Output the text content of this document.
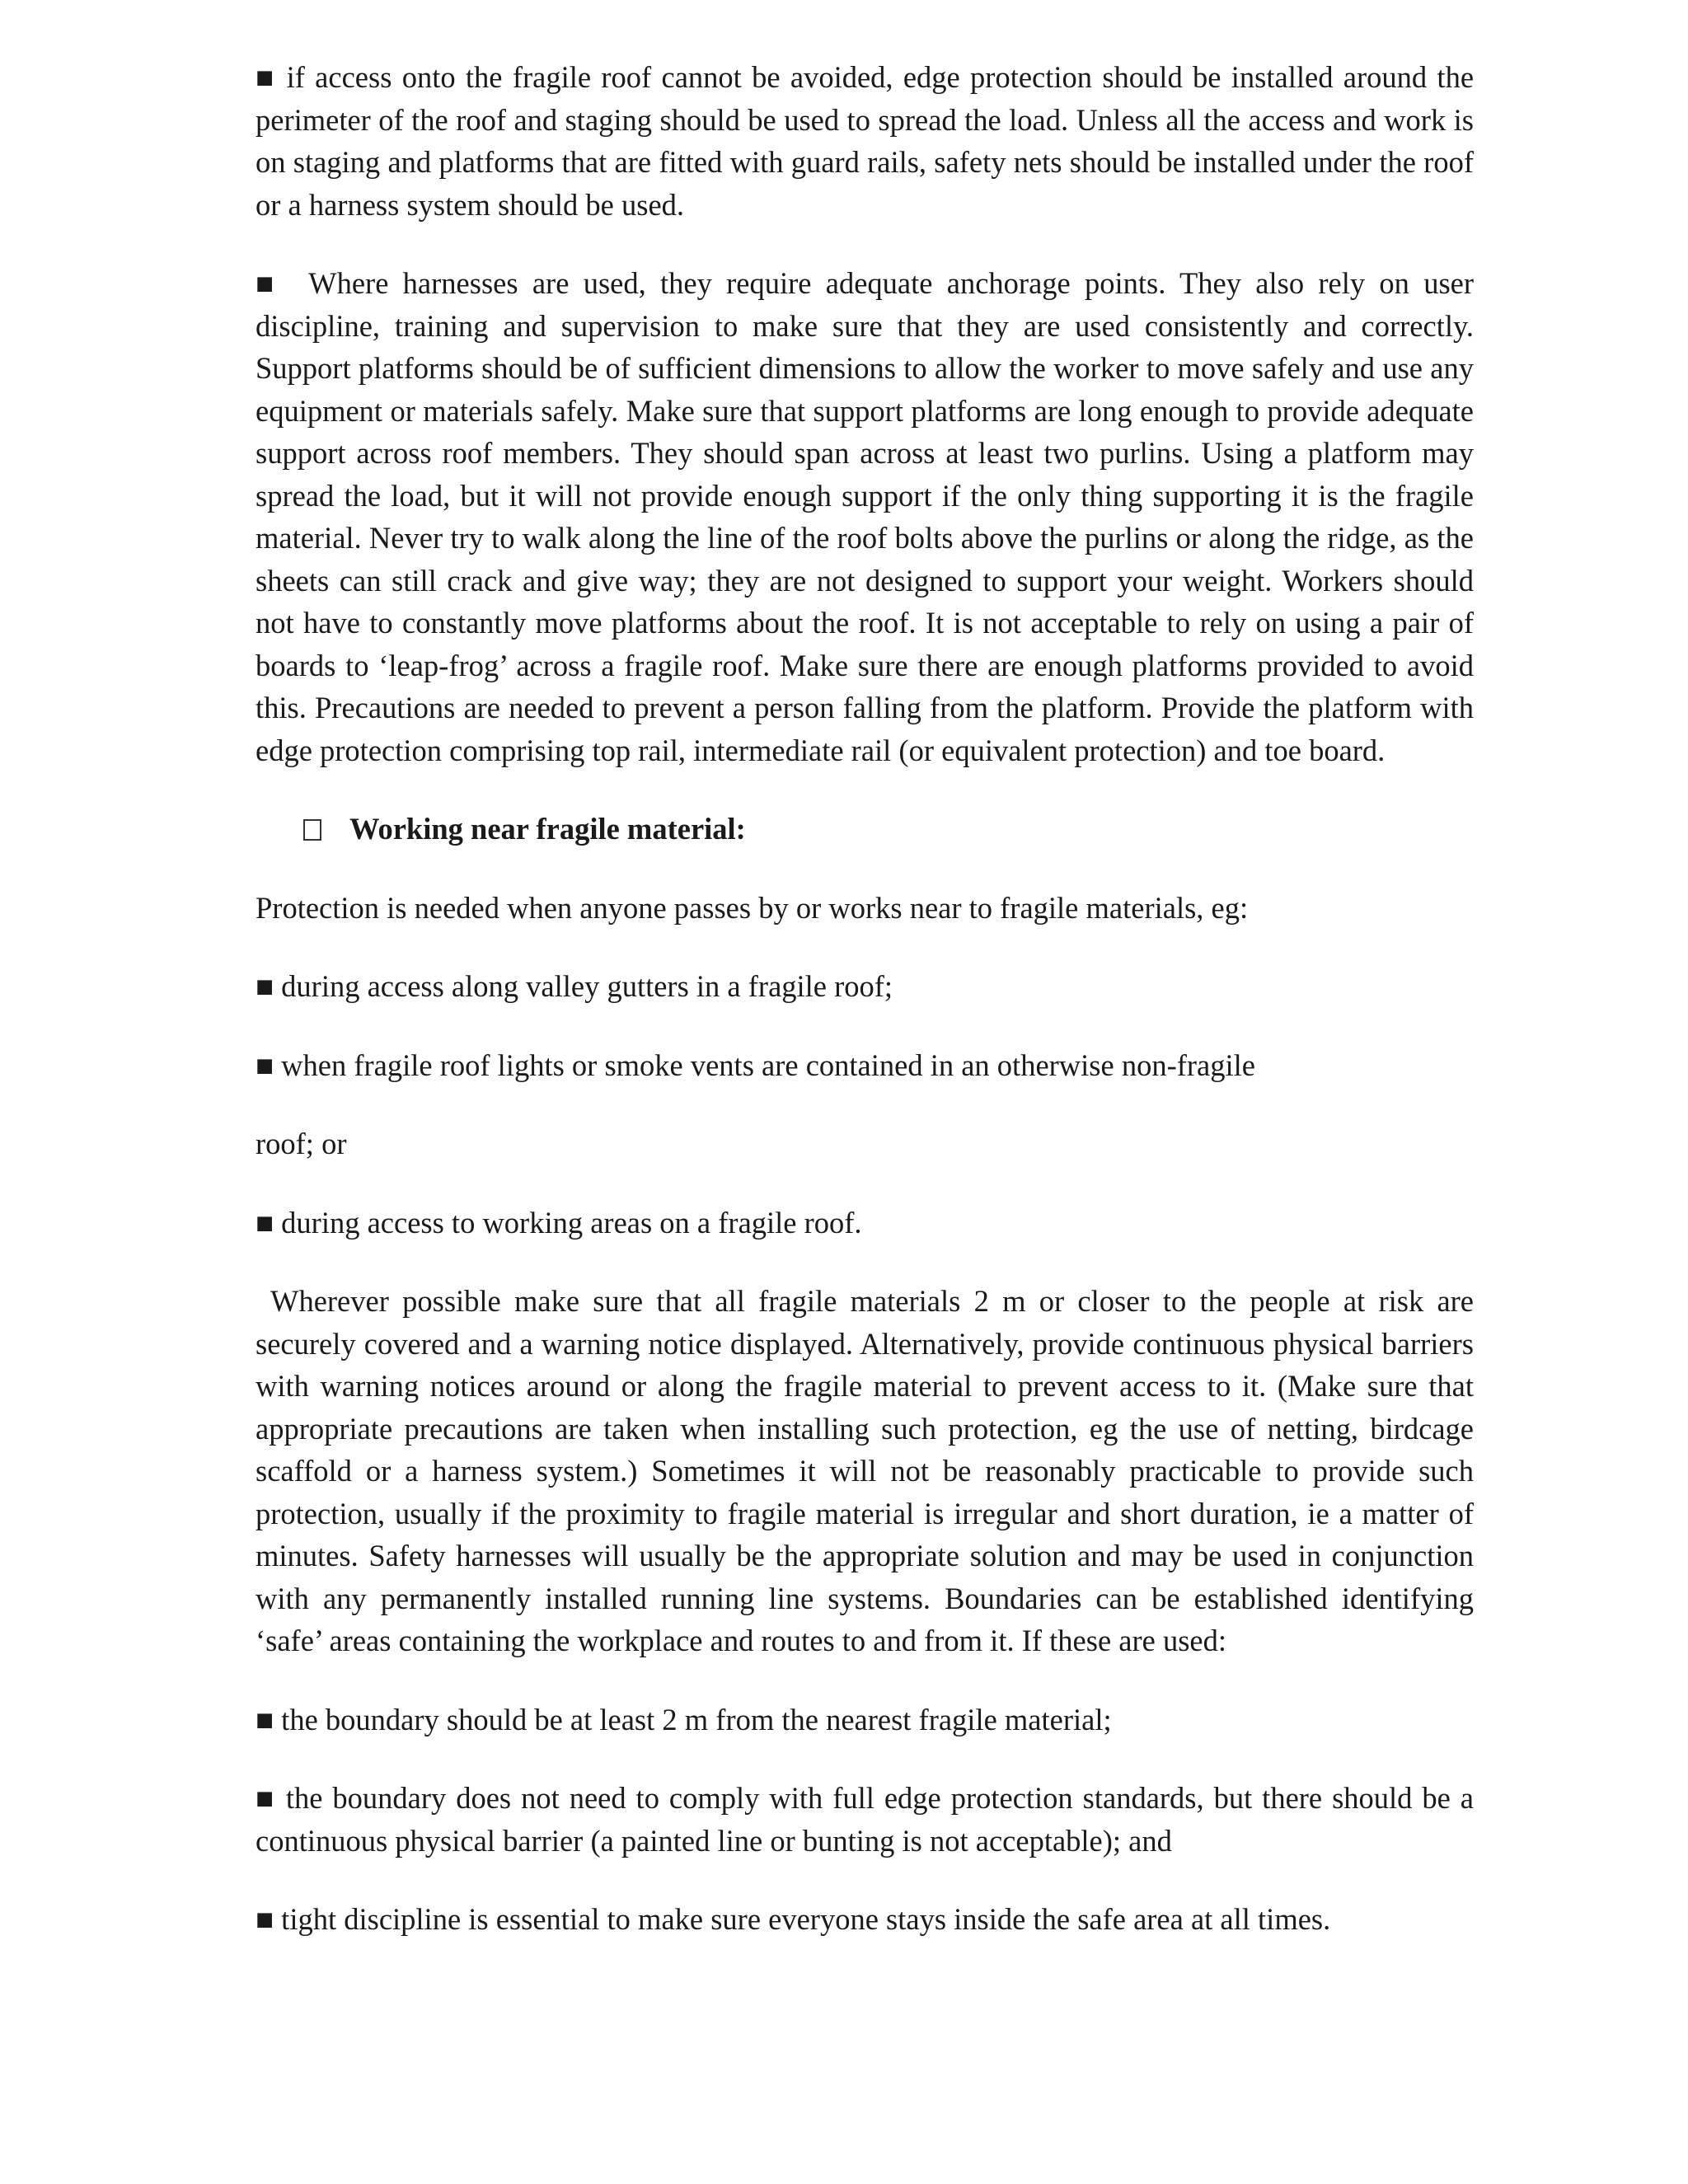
■ if access onto the fragile roof cannot be avoided, edge protection should be installed around the perimeter of the roof and staging should be used to spread the load. Unless all the access and work is on staging and platforms that are fitted with guard rails, safety nets should be installed under the roof or a harness system should be used.

■ Where harnesses are used, they require adequate anchorage points. They also rely on user discipline, training and supervision to make sure that they are used consistently and correctly. Support platforms should be of sufficient dimensions to allow the worker to move safely and use any equipment or materials safely. Make sure that support platforms are long enough to provide adequate support across roof members. They should span across at least two purlins. Using a platform may spread the load, but it will not provide enough support if the only thing supporting it is the fragile material. Never try to walk along the line of the roof bolts above the purlins or along the ridge, as the sheets can still crack and give way; they are not designed to support your weight. Workers should not have to constantly move platforms about the roof. It is not acceptable to rely on using a pair of boards to ‘leap-frog’ across a fragile roof. Make sure there are enough platforms provided to avoid this. Precautions are needed to prevent a person falling from the platform. Provide the platform with edge protection comprising top rail, intermediate rail (or equivalent protection) and toe board.

Working near fragile material:

Protection is needed when anyone passes by or works near to fragile materials, eg:

■ during access along valley gutters in a fragile roof;

■ when fragile roof lights or smoke vents are contained in an otherwise non-fragile

roof; or

■ during access to working areas on a fragile roof.

Wherever possible make sure that all fragile materials 2 m or closer to the people at risk are securely covered and a warning notice displayed. Alternatively, provide continuous physical barriers with warning notices around or along the fragile material to prevent access to it. (Make sure that appropriate precautions are taken when installing such protection, eg the use of netting, birdcage scaffold or a harness system.) Sometimes it will not be reasonably practicable to provide such protection, usually if the proximity to fragile material is irregular and short duration, ie a matter of minutes. Safety harnesses will usually be the appropriate solution and may be used in conjunction with any permanently installed running line systems. Boundaries can be established identifying ‘safe’ areas containing the workplace and routes to and from it. If these are used:

■ the boundary should be at least 2 m from the nearest fragile material;

■ the boundary does not need to comply with full edge protection standards, but there should be a continuous physical barrier (a painted line or bunting is not acceptable); and

■ tight discipline is essential to make sure everyone stays inside the safe area at all times.
